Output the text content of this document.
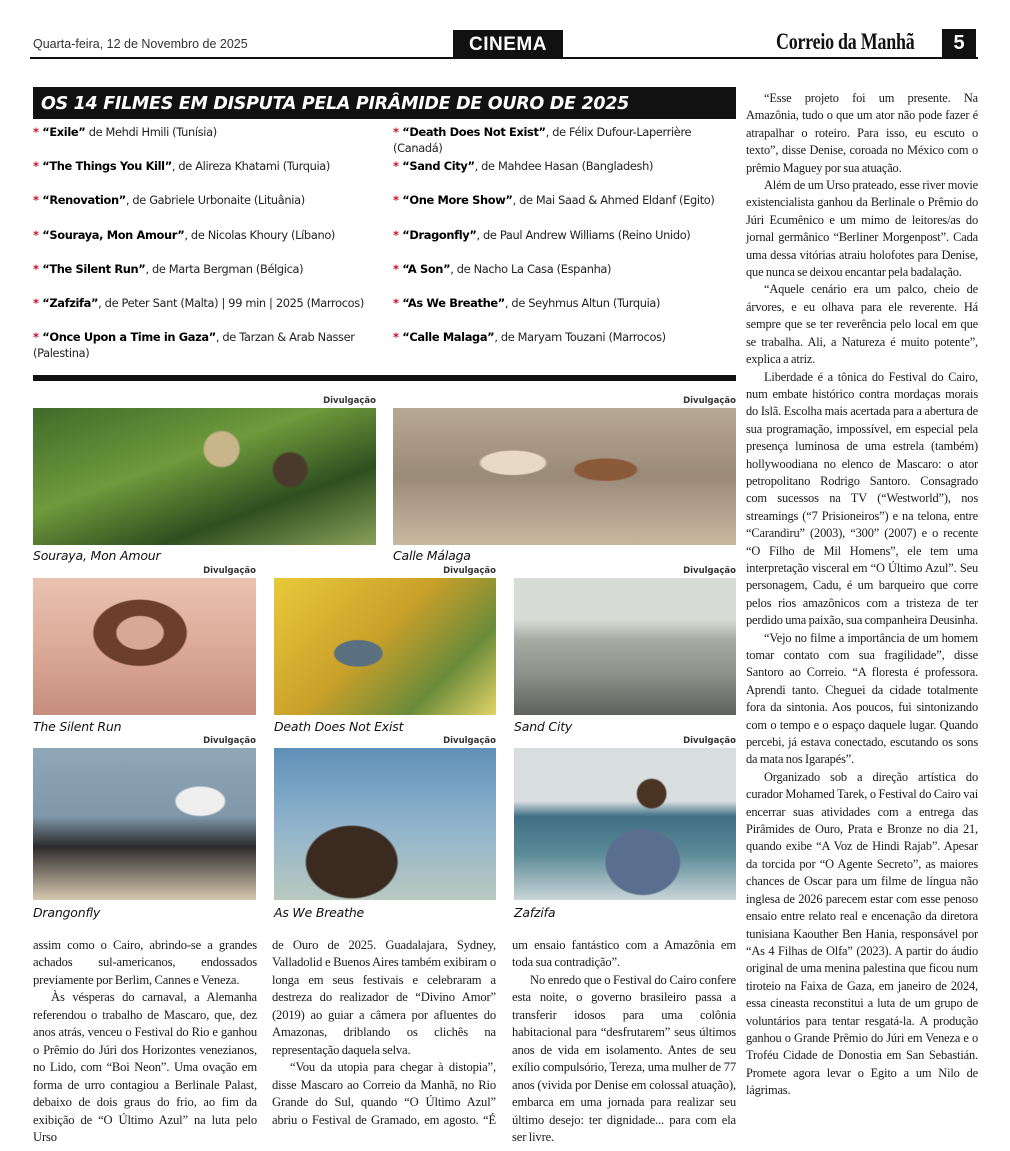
Quarta-feira, 12 de Novembro de 2025	CINEMA	Correio da Manhã	5
OS 14 FILMES EM DISPUTA PELA PIRÂMIDE DE OURO DE 2025
* “Exile” de Mehdi Hmili (Tunísia)
* “The Things You Kill”, de Alireza Khatami (Turquia)
* “Renovation”, de Gabriele Urbonaite (Lituânia)
* “Souraya, Mon Amour”, de Nicolas Khoury (Líbano)
* “The Silent Run”, de Marta Bergman (Bélgica)
* “Zafzifa”, de Peter Sant (Malta) | 99 min | 2025 (Marrocos)
* “Once Upon a Time in Gaza”, de Tarzan & Arab Nasser (Palestina)
* “Death Does Not Exist”, de Félix Dufour-Laperrière (Canadá)
* “Sand City”, de Mahdee Hasan (Bangladesh)
* “One More Show”, de Mai Saad & Ahmed Eldanf (Egito)
* “Dragonfly”, de Paul Andrew Williams (Reino Unido)
* “A Son”, de Nacho La Casa (Espanha)
* “As We Breathe”, de Seyhmus Altun (Turquia)
* “Calle Malaga”, de Maryam Touzani (Marrocos)
Divulgação
Souraya, Mon Amour
Divulgação
Calle Málaga
Divulgação
The Silent Run
Divulgação
Death Does Not Exist
Divulgação
Sand City
Divulgação
Drangonfly
Divulgação
As We Breathe
Divulgação
Zafzifa

assim como o Cairo, abrindo-se a grandes achados sul-americanos, endossados previamente por Berlim, Cannes e Veneza.

Às vésperas do carnaval, a Alemanha referendou o trabalho de Mascaro, que, dez anos atrás, venceu o Festival do Rio e ganhou o Prêmio do Júri dos Horizontes venezianos, no Lido, com “Boi Neon”. Uma ovação em forma de urro contagiou a Berlinale Palast, debaixo de dois graus do frio, ao fim da exibição de “O Último Azul” na luta pelo Urso

de Ouro de 2025. Guadalajara, Sydney, Valladolid e Buenos Aires também exibiram o longa em seus festivais e celebraram a destreza do realizador de “Divino Amor” (2019) ao guiar a câmera por afluentes do Amazonas, driblando os clichês na representação daquela selva.

“Vou da utopia para chegar à distopia”, disse Mascaro ao Correio da Manhã, no Rio Grande do Sul, quando “O Último Azul” abriu o Festival de Gramado, em agosto. “É

um ensaio fantástico com a Amazônia em toda sua contradição”.

No enredo que o Festival do Cairo confere esta noite, o governo brasileiro passa a transferir idosos para uma colônia habitacional para “desfrutarem” seus últimos anos de vida em isolamento. Antes de seu exílio compulsório, Tereza, uma mulher de 77 anos (vivida por Denise em colossal atuação), embarca em uma jornada para realizar seu último desejo: ter dignidade... para com ela ser livre.

“Esse projeto foi um presente. Na Amazônia, tudo o que um ator não pode fazer é atrapalhar o roteiro. Para isso, eu escuto o texto”, disse Denise, coroada no México com o prêmio Maguey por sua atuação.

Além de um Urso prateado, esse river movie existencialista ganhou da Berlinale o Prêmio do Júri Ecumênico e um mimo de leitores/as do jornal germânico “Berliner Morgenpost”. Cada uma dessa vitórias atraiu holofotes para Denise, que nunca se deixou encantar pela badalação.

“Aquele cenário era um palco, cheio de árvores, e eu olhava para ele reverente. Há sempre que se ter reverência pelo local em que se trabalha. Ali, a Natureza é muito potente”, explica a atriz.

Liberdade é a tônica do Festival do Cairo, num embate histórico contra mordaças morais do Islã. Escolha mais acertada para a abertura de sua programação, impossível, em especial pela presença luminosa de uma estrela (também) hollywoodiana no elenco de Mascaro: o ator petropolitano Rodrigo Santoro. Consagrado com sucessos na TV (“Westworld”), nos streamings (“7 Prisioneiros”) e na telona, entre “Carandiru” (2003), “300” (2007) e o recente “O Filho de Mil Homens”, ele tem uma interpretação visceral em “O Último Azul”. Seu personagem, Cadu, é um barqueiro que corre pelos rios amazônicos com a tristeza de ter perdido uma paixão, sua companheira Deusinha.

“Vejo no filme a importância de um homem tomar contato com sua fragilidade”, disse Santoro ao Correio. “A floresta é professora. Aprendi tanto. Cheguei da cidade totalmente fora da sintonia. Aos poucos, fui sintonizando com o tempo e o espaço daquele lugar. Quando percebi, já estava conectado, escutando os sons da mata nos Igarapés”.

Organizado sob a direção artística do curador Mohamed Tarek, o Festival do Cairo vai encerrar suas atividades com a entrega das Pirâmides de Ouro, Prata e Bronze no dia 21, quando exibe “A Voz de Hindi Rajab”. Apesar da torcida por “O Agente Secreto”, as maiores chances de Oscar para um filme de língua não inglesa de 2026 parecem estar com esse penoso ensaio entre relato real e encenação da diretora tunisiana Kaouther Ben Hania, responsável por “As 4 Filhas de Olfa” (2023). A partir do áudio original de uma menina palestina que ficou num tiroteio na Faixa de Gaza, em janeiro de 2024, essa cineasta reconstitui a luta de um grupo de voluntários para tentar resgatá-la. A produção ganhou o Grande Prêmio do Júri em Veneza e o Troféu Cidade de Donostia em San Sebastián. Promete agora levar o Egito a um Nilo de lágrimas.
